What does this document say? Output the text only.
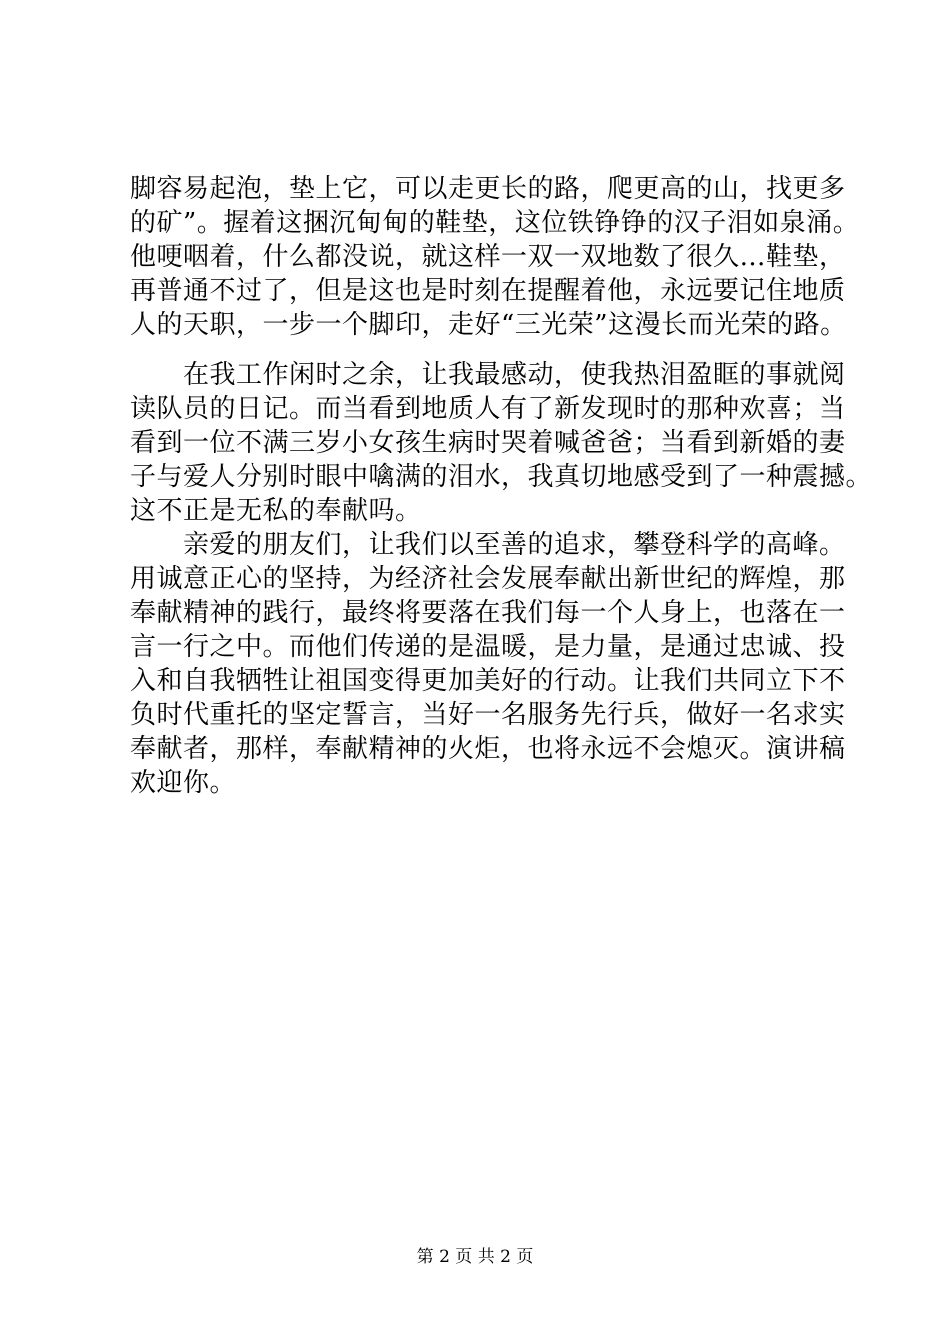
脚容易起泡，垫上它，可以走更长的路，爬更高的山，找更多
的矿”。握着这捆沉甸甸的鞋垫，这位铁铮铮的汉子泪如泉涌。
他哽咽着，什么都没说，就这样一双一双地数了很久…鞋垫，
再普通不过了，但是这也是时刻在提醒着他，永远要记住地质
人的天职，一步一个脚印，走好“三光荣”这漫长而光荣的路。

　　在我工作闲时之余，让我最感动，使我热泪盈眶的事就阅
读队员的日记。而当看到地质人有了新发现时的那种欢喜；当
看到一位不满三岁小女孩生病时哭着喊爸爸；当看到新婚的妻
子与爱人分别时眼中噙满的泪水，我真切地感受到了一种震撼。
这不正是无私的奉献吗。

　　亲爱的朋友们，让我们以至善的追求，攀登科学的高峰。
用诚意正心的坚持，为经济社会发展奉献出新世纪的辉煌，那
奉献精神的践行，最终将要落在我们每一个人身上，也落在一
言一行之中。而他们传递的是温暖，是力量，是通过忠诚、投
入和自我牺牲让祖国变得更加美好的行动。让我们共同立下不
负时代重托的坚定誓言，当好一名服务先行兵，做好一名求实
奉献者，那样，奉献精神的火炬，也将永远不会熄灭。演讲稿
欢迎你。

第 2 页 共 2 页
